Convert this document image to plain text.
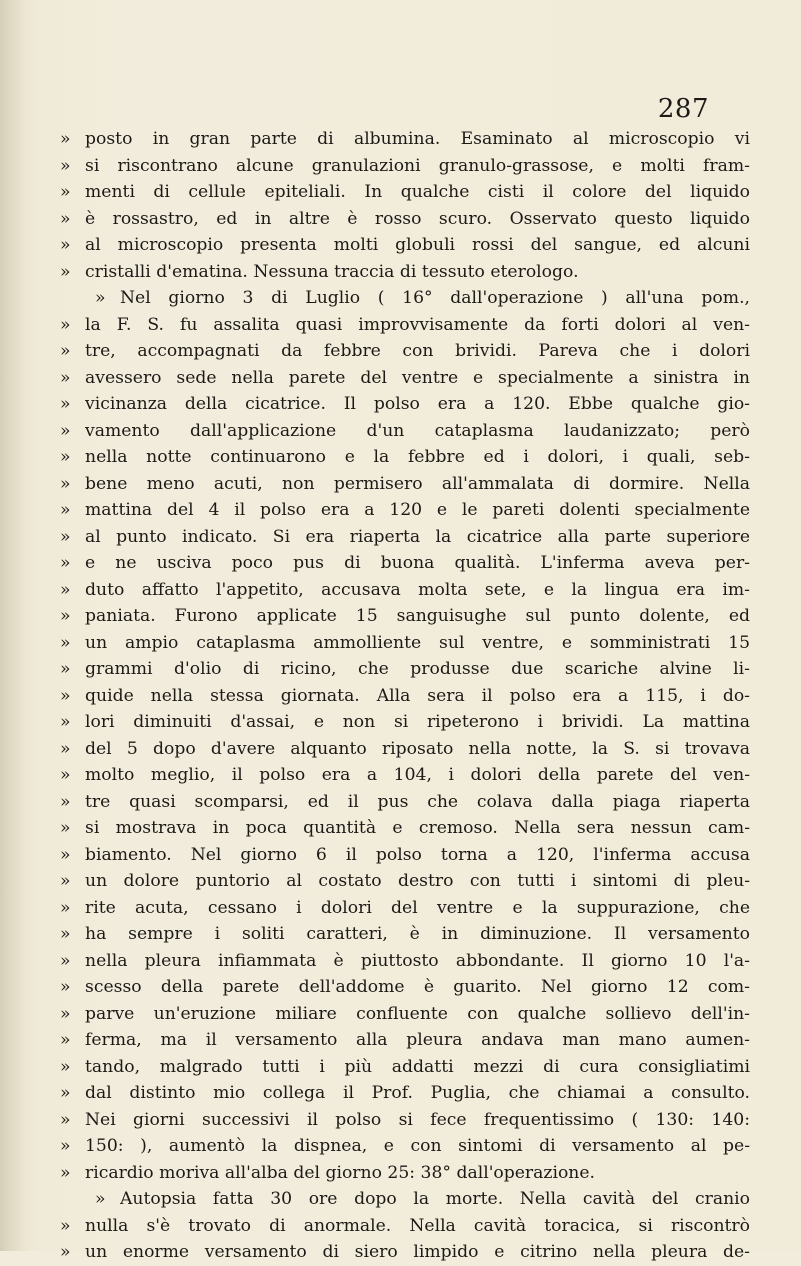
287
» posto in gran parte di albumina. Esaminato al microscopio vi
» si riscontrano alcune granulazioni granulo-grassose, e molti fram-
» menti di cellule epiteliali. In qualche cisti il colore del liquido
» è rossastro, ed in altre è rosso scuro. Osservato questo liquido
» al microscopio presenta molti globuli rossi del sangue, ed alcuni
» cristalli d'ematina. Nessuna traccia di tessuto eterologo.
» Nel giorno 3 di Luglio ( 16° dall'operazione ) all'una pom.,
» la F. S. fu assalita quasi improvvisamente da forti dolori al ven-
» tre, accompagnati da febbre con brividi. Pareva che i dolori
» avessero sede nella parete del ventre e specialmente a sinistra in
» vicinanza della cicatrice. Il polso era a 120. Ebbe qualche gio-
» vamento dall'applicazione d'un cataplasma laudanizzato; però
» nella notte continuarono e la febbre ed i dolori, i quali, seb-
» bene meno acuti, non permisero all'ammalata di dormire. Nella
» mattina del 4 il polso era a 120 e le pareti dolenti specialmente
» al punto indicato. Si era riaperta la cicatrice alla parte superiore
» e ne usciva poco pus di buona qualità. L'inferma aveva per-
» duto affatto l'appetito, accusava molta sete, e la lingua era im-
» paniata. Furono applicate 15 sanguisughe sul punto dolente, ed
» un ampio cataplasma ammolliente sul ventre, e somministrati 15
» grammi d'olio di ricino, che produsse due scariche alvine li-
» quide nella stessa giornata. Alla sera il polso era a 115, i do-
» lori diminuiti d'assai, e non si ripeterono i brividi. La mattina
» del 5 dopo d'avere alquanto riposato nella notte, la S. si trovava
» molto meglio, il polso era a 104, i dolori della parete del ven-
» tre quasi scomparsi, ed il pus che colava dalla piaga riaperta
» si mostrava in poca quantità e cremoso. Nella sera nessun cam-
» biamento. Nel giorno 6 il polso torna a 120, l'inferma accusa
» un dolore puntorio al costato destro con tutti i sintomi di pleu-
» rite acuta, cessano i dolori del ventre e la suppurazione, che
» ha sempre i soliti caratteri, è in diminuzione. Il versamento
» nella pleura infiammata è piuttosto abbondante. Il giorno 10 l'a-
» scesso della parete dell'addome è guarito. Nel giorno 12 com-
» parve un'eruzione miliare confluente con qualche sollievo dell'in-
» ferma, ma il versamento alla pleura andava man mano aumen-
» tando, malgrado tutti i più addatti mezzi di cura consigliatimi
» dal distinto mio collega il Prof. Puglia, che chiamai a consulto.
» Nei giorni successivi il polso si fece frequentissimo ( 130: 140:
» 150: ), aumentò la dispnea, e con sintomi di versamento al pe-
» ricardio moriva all'alba del giorno 25: 38° dall'operazione.
» Autopsia fatta 30 ore dopo la morte. Nella cavità del cranio
» nulla s'è trovato di anormale. Nella cavità toracica, si riscontrò
» un enorme versamento di siero limpido e citrino nella pleura de-
